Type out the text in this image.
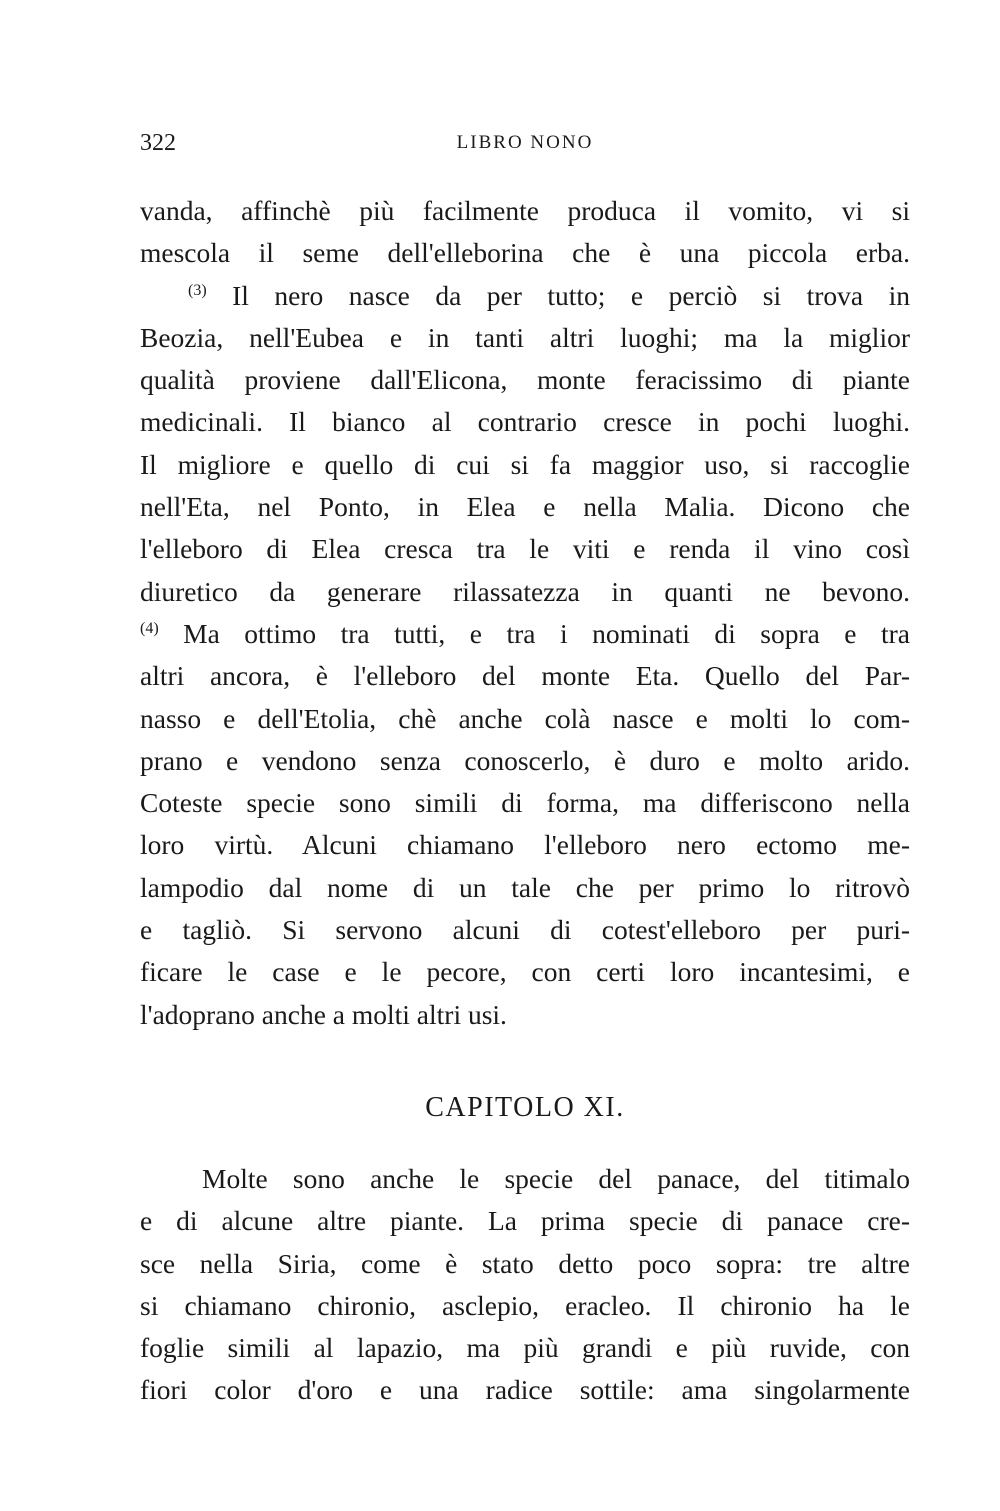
322	LIBRO NONO
vanda, affinchè più facilmente produca il vomito, vi si
mescola il seme dell'elleborina che è una piccola erba.
$^{(3)}$ Il nero nasce da per tutto; e perciò si trova in
Beozia, nell'Eubea e in tanti altri luoghi; ma la miglior
qualità proviene dall'Elicona, monte feracissimo di piante
medicinali. Il bianco al contrario cresce in pochi luoghi.
Il migliore e quello di cui si fa maggior uso, si raccoglie
nell'Eta, nel Ponto, in Elea e nella Malia. Dicono che
l'elleboro di Elea cresca tra le viti e renda il vino così
diuretico da generare rilassatezza in quanti ne bevono.
$^{(4)}$ Ma ottimo tra tutti, e tra i nominati di sopra e tra
altri ancora, è l'elleboro del monte Eta. Quello del Par-
nasso e dell'Etolia, chè anche colà nasce e molti lo com-
prano e vendono senza conoscerlo, è duro e molto arido.
Coteste specie sono simili di forma, ma differiscono nella
loro virtù. Alcuni chiamano l'elleboro nero ectomo me-
lampodio dal nome di un tale che per primo lo ritrovò
e tagliò. Si servono alcuni di cotest'elleboro per puri-
ficare le case e le pecore, con certi loro incantesimi, e
l'adoprano anche a molti altri usi.
CAPITOLO XI.
Molte sono anche le specie del panace, del titimalo
e di alcune altre piante. La prima specie di panace cre-
sce nella Siria, come è stato detto poco sopra: tre altre
si chiamano chironio, asclepio, eracleo. Il chironio ha le
foglie simili al lapazio, ma più grandi e più ruvide, con
fiori color d'oro e una radice sottile: ama singolarmente
